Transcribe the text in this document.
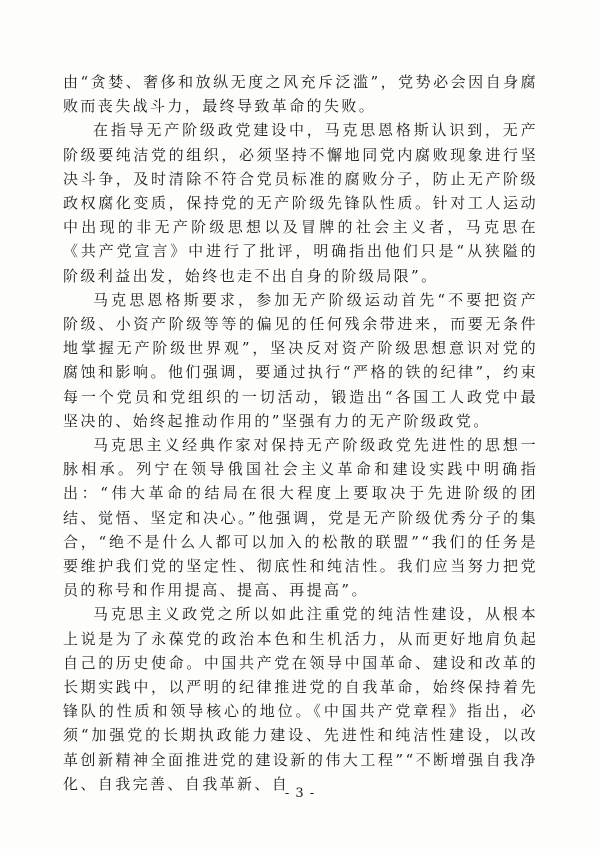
由“贪婪、奢侈和放纵无度之风充斥泛滥”，党势必会因自身腐败而丧失战斗力，最终导致革命的失败。

在指导无产阶级政党建设中，马克思恩格斯认识到，无产阶级要纯洁党的组织，必须坚持不懈地同党内腐败现象进行坚决斗争，及时清除不符合党员标准的腐败分子，防止无产阶级政权腐化变质，保持党的无产阶级先锋队性质。针对工人运动中出现的非无产阶级思想以及冒牌的社会主义者，马克思在《共产党宣言》中进行了批评，明确指出他们只是“从狭隘的阶级利益出发，始终也走不出自身的阶级局限”。

马克思恩格斯要求，参加无产阶级运动首先“不要把资产阶级、小资产阶级等等的偏见的任何残余带进来，而要无条件地掌握无产阶级世界观”，坚决反对资产阶级思想意识对党的腐蚀和影响。他们强调，要通过执行“严格的铁的纪律”，约束每一个党员和党组织的一切活动，锻造出“各国工人政党中最坚决的、始终起推动作用的”坚强有力的无产阶级政党。

马克思主义经典作家对保持无产阶级政党先进性的思想一脉相承。列宁在领导俄国社会主义革命和建设实践中明确指出：“伟大革命的结局在很大程度上要取决于先进阶级的团结、觉悟、坚定和决心。”他强调，党是无产阶级优秀分子的集合，“绝不是什么人都可以加入的松散的联盟”“我们的任务是要维护我们党的坚定性、彻底性和纯洁性。我们应当努力把党员的称号和作用提高、提高、再提高”。

马克思主义政党之所以如此注重党的纯洁性建设，从根本上说是为了永葆党的政治本色和生机活力，从而更好地肩负起自己的历史使命。中国共产党在领导中国革命、建设和改革的长期实践中，以严明的纪律推进党的自我革命，始终保持着先锋队的性质和领导核心的地位。《中国共产党章程》指出，必须“加强党的长期执政能力建设、先进性和纯洁性建设，以改革创新精神全面推进党的建设新的伟大工程”“不断增强自我净化、自我完善、自我革新、自

- 3 -
